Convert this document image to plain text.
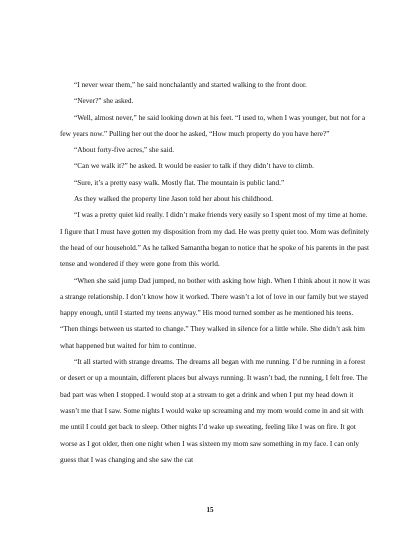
“I never wear them,” he said nonchalantly and started walking to the front door.

“Never?” she asked.

“Well, almost never,” he said looking down at his feet. “I used to, when I was younger, but not for a few years now.” Pulling her out the door he asked, “How much property do you have here?”

“About forty-five acres,” she said.

“Can we walk it?” he asked. It would be easier to talk if they didn’t have to climb.

“Sure, it’s a pretty easy walk. Mostly flat. The mountain is public land.”

As they walked the property line Jason told her about his childhood.

“I was a pretty quiet kid really. I didn’t make friends very easily so I spent most of my time at home. I figure that I must have gotten my disposition from my dad. He was pretty quiet too. Mom was definitely the head of our household.” As he talked Samantha began to notice that he spoke of his parents in the past tense and wondered if they were gone from this world.

“When she said jump Dad jumped, no bother with asking how high. When I think about it now it was a strange relationship. I don’t know how it worked. There wasn’t a lot of love in our family but we stayed happy enough, until I started my teens anyway.” His mood turned somber as he mentioned his teens. “Then things between us started to change.” They walked in silence for a little while. She didn’t ask him what happened but waited for him to continue.

“It all started with strange dreams. The dreams all began with me running. I’d be running in a forest or desert or up a mountain, different places but always running. It wasn’t bad, the running, I felt free. The bad part was when I stopped. I would stop at a stream to get a drink and when I put my head down it wasn’t me that I saw. Some nights I would wake up screaming and my mom would come in and sit with me until I could get back to sleep. Other nights I’d wake up sweating, feeling like I was on fire. It got worse as I got older, then one night when I was sixteen my mom saw something in my face. I can only guess that I was changing and she saw the cat

15
